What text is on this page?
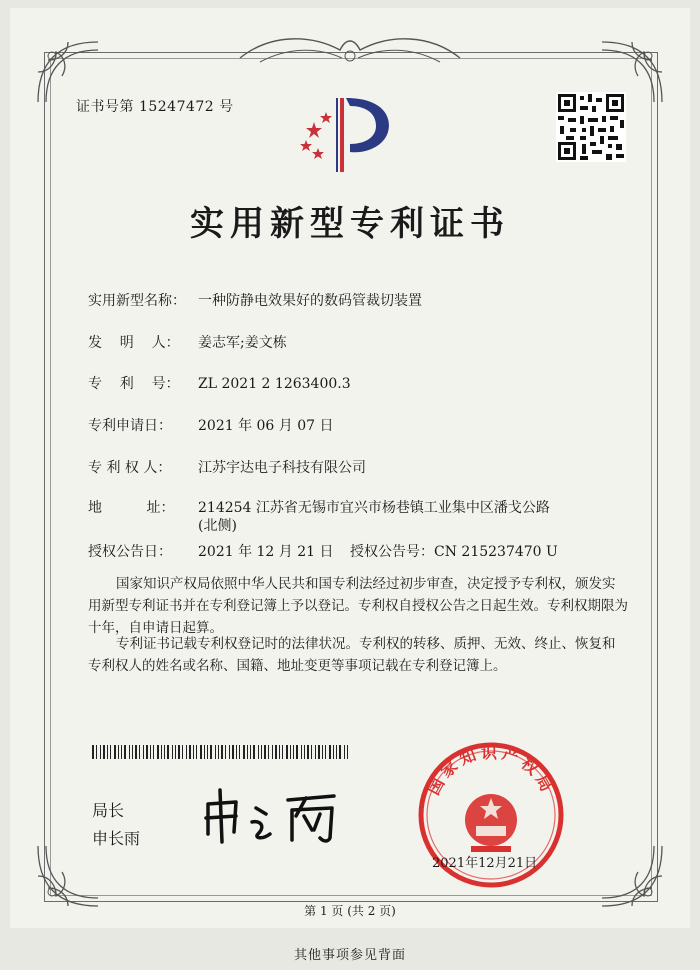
证书号第 15247472 号
实用新型专利证书
实用新型名称： 一种防静电效果好的数码管裁切装置
发    明    人： 姜志军;姜文栋
专    利    号： ZL 2021 2 1263400.3
专利申请日： 2021 年 06 月 07 日
专 利 权 人： 江苏宇达电子科技有限公司
地          址： 214254 江苏省无锡市宜兴市杨巷镇工业集中区潘戈公路
(北侧)
授权公告日： 2021 年 12 月 21 日 授权公告号：CN 215237470 U
国家知识产权局依照中华人民共和国专利法经过初步审查，决定授予专利权，颁发实用新型专利证书并在专利登记簿上予以登记。专利权自授权公告之日起生效。专利权期限为十年，自申请日起算。
专利证书记载专利权登记时的法律状况。专利权的转移、质押、无效、终止、恢复和专利权人的姓名或名称、国籍、地址变更等事项记载在专利登记簿上。
局长
申长雨
国家知识产权局
2021年12月21日
第 1 页 (共 2 页)
其他事项参见背面
